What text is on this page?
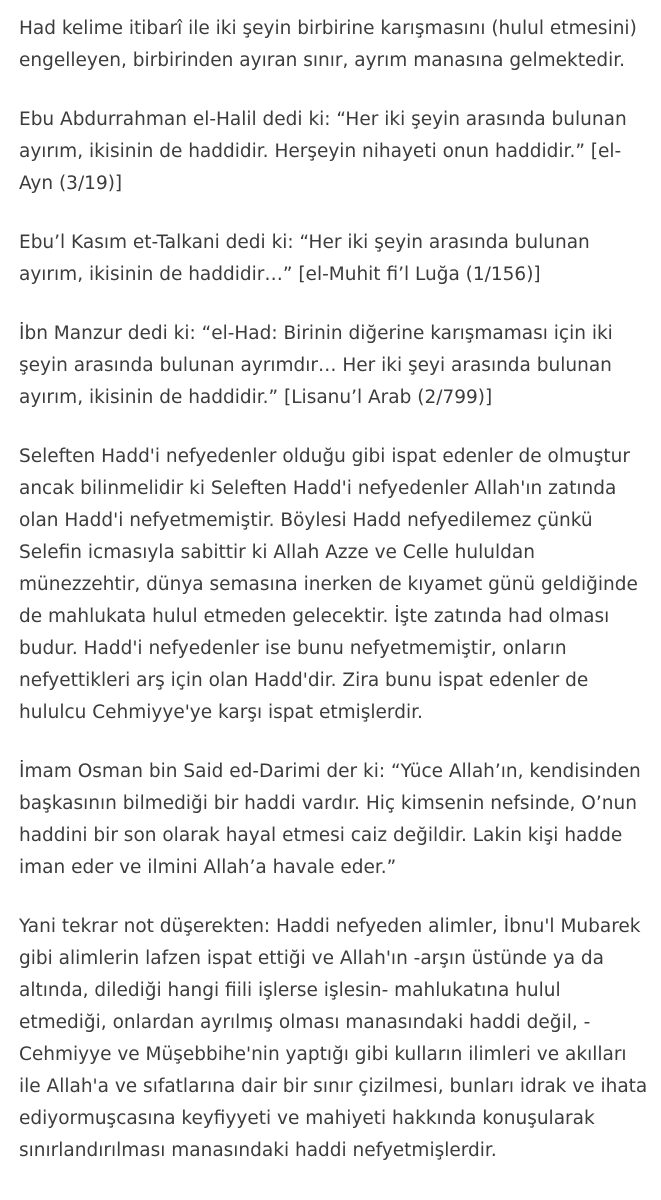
Had kelime itibarî ile iki şeyin birbirine karışmasını (hulul etmesini)
engelleyen, birbirinden ayıran sınır, ayrım manasına gelmektedir.

Ebu Abdurrahman el-Halil dedi ki: “Her iki şeyin arasında bulunan
ayırım, ikisinin de haddidir. Herşeyin nihayeti onun haddidir.” [el-
Ayn (3/19)]

Ebu’l Kasım et-Talkani dedi ki: “Her iki şeyin arasında bulunan
ayırım, ikisinin de haddidir…” [el-Muhit fi’l Luğa (1/156)]

İbn Manzur dedi ki: “el-Had: Birinin diğerine karışmaması için iki
şeyin arasında bulunan ayrımdır… Her iki şeyi arasında bulunan
ayırım, ikisinin de haddidir.” [Lisanu’l Arab (2/799)]

Seleften Hadd'i nefyedenler olduğu gibi ispat edenler de olmuştur
ancak bilinmelidir ki Seleften Hadd'i nefyedenler Allah'ın zatında
olan Hadd'i nefyetmemiştir. Böylesi Hadd nefyedilemez çünkü
Selefin icmasıyla sabittir ki Allah Azze ve Celle hululdan
münezzehtir, dünya semasına inerken de kıyamet günü geldiğinde
de mahlukata hulul etmeden gelecektir. İşte zatında had olması
budur. Hadd'i nefyedenler ise bunu nefyetmemiştir, onların
nefyettikleri arş için olan Hadd'dir. Zira bunu ispat edenler de
hululcu Cehmiyye'ye karşı ispat etmişlerdir.

İmam Osman bin Said ed-Darimi der ki: “Yüce Allah’ın, kendisinden
başkasının bilmediği bir haddi vardır. Hiç kimsenin nefsinde, O’nun
haddini bir son olarak hayal etmesi caiz değildir. Lakin kişi hadde
iman eder ve ilmini Allah’a havale eder.”

Yani tekrar not düşerekten: Haddi nefyeden alimler, İbnu'l Mubarek
gibi alimlerin lafzen ispat ettiği ve Allah'ın -arşın üstünde ya da
altında, dilediği hangi fiili işlerse işlesin- mahlukatına hulul
etmediği, onlardan ayrılmış olması manasındaki haddi değil, -
Cehmiyye ve Müşebbihe'nin yaptığı gibi kulların ilimleri ve akılları
ile Allah'a ve sıfatlarına dair bir sınır çizilmesi, bunları idrak ve ihata
ediyormuşcasına keyfiyyeti ve mahiyeti hakkında konuşularak
sınırlandırılması manasındaki haddi nefyetmişlerdir.
